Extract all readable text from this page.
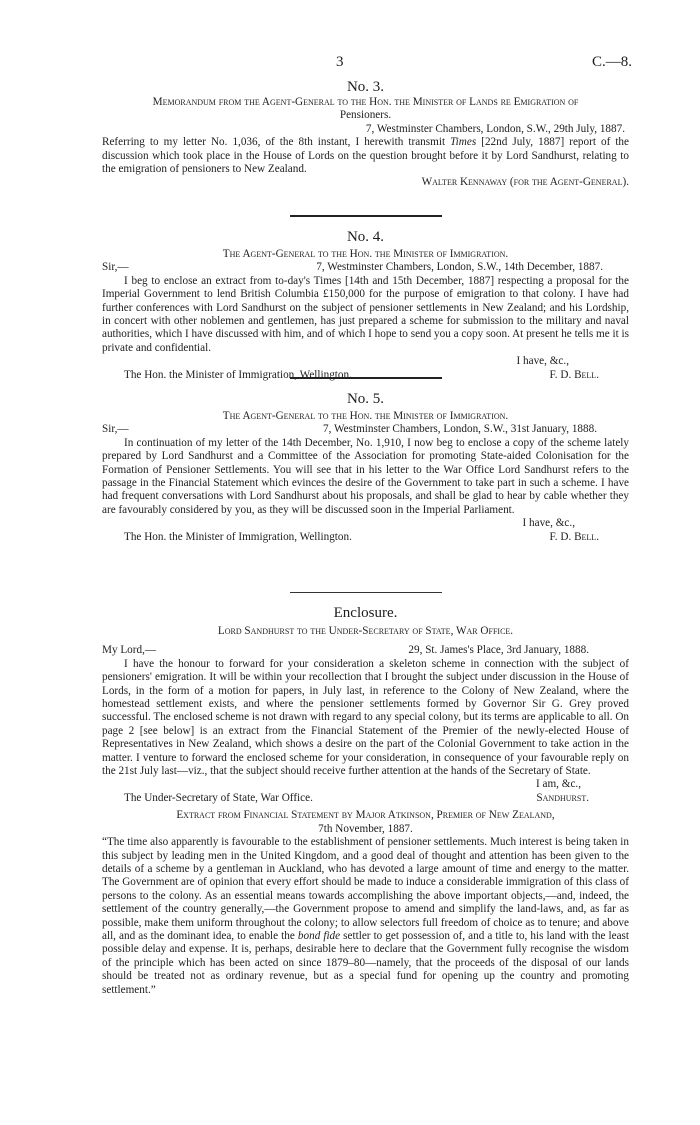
3	C.—8.
No. 3.
Memorandum from the Agent-General to the Hon. the Minister of Lands re Emigration of
Pensioners.
7, Westminster Chambers, London, S.W., 29th July, 1887.
Referring to my letter No. 1,036, of the 8th instant, I herewith transmit Times [22nd July, 1887] report of the discussion which took place in the House of Lords on the question brought before it by Lord Sandhurst, relating to the emigration of pensioners to New Zealand.
Walter Kennaway (for the Agent-General).
No. 4.
The Agent-General to the Hon. the Minister of Immigration.
Sir,—	7, Westminster Chambers, London, S.W., 14th December, 1887.
I beg to enclose an extract from to-day's Times [14th and 15th December, 1887] respecting a proposal for the Imperial Government to lend British Columbia £150,000 for the purpose of emigration to that colony. I have had further conferences with Lord Sandhurst on the subject of pensioner settlements in New Zealand; and his Lordship, in concert with other noblemen and gentlemen, has just prepared a scheme for submission to the military and naval authorities, which I have discussed with him, and of which I hope to send you a copy soon. At present he tells me it is private and confidential.
I have, &c.,
The Hon. the Minister of Immigration, Wellington.	F. D. Bell.
No. 5.
The Agent-General to the Hon. the Minister of Immigration.
Sir,—	7, Westminster Chambers, London, S.W., 31st January, 1888.
In continuation of my letter of the 14th December, No. 1,910, I now beg to enclose a copy of the scheme lately prepared by Lord Sandhurst and a Committee of the Association for promoting State-aided Colonisation for the Formation of Pensioner Settlements. You will see that in his letter to the War Office Lord Sandhurst refers to the passage in the Financial Statement which evinces the desire of the Government to take part in such a scheme. I have had frequent conversations with Lord Sandhurst about his proposals, and shall be glad to hear by cable whether they are favourably considered by you, as they will be discussed soon in the Imperial Parliament.
I have, &c.,
The Hon. the Minister of Immigration, Wellington.	F. D. Bell.
Enclosure.
Lord Sandhurst to the Under-Secretary of State, War Office.
My Lord,—	29, St. James's Place, 3rd January, 1888.
I have the honour to forward for your consideration a skeleton scheme in connection with the subject of pensioners' emigration. It will be within your recollection that I brought the subject under discussion in the House of Lords, in the form of a motion for papers, in July last, in reference to the Colony of New Zealand, where the homestead settlement exists, and where the pensioner settlements formed by Governor Sir G. Grey proved successful. The enclosed scheme is not drawn with regard to any special colony, but its terms are applicable to all. On page 2 [see below] is an extract from the Financial Statement of the Premier of the newly-elected House of Representatives in New Zealand, which shows a desire on the part of the Colonial Government to take action in the matter. I venture to forward the enclosed scheme for your consideration, in consequence of your favourable reply on the 21st July last—viz., that the subject should receive further attention at the hands of the Secretary of State.
I am, &c.,
The Under-Secretary of State, War Office.	Sandhurst.
Extract from Financial Statement by Major Atkinson, Premier of New Zealand,
7th November, 1887.
“The time also apparently is favourable to the establishment of pensioner settlements. Much interest is being taken in this subject by leading men in the United Kingdom, and a good deal of thought and attention has been given to the details of a scheme by a gentleman in Auckland, who has devoted a large amount of time and energy to the matter. The Government are of opinion that every effort should be made to induce a considerable immigration of this class of persons to the colony. As an essential means towards accomplishing the above important objects,—and, indeed, the settlement of the country generally,—the Government propose to amend and simplify the land-laws, and, as far as possible, make them uniform throughout the colony; to allow selectors full freedom of choice as to tenure; and above all, and as the dominant idea, to enable the bond fide settler to get possession of, and a title to, his land with the least possible delay and expense. It is, perhaps, desirable here to declare that the Government fully recognise the wisdom of the principle which has been acted on since 1879–80—namely, that the proceeds of the disposal of our lands should be treated not as ordinary revenue, but as a special fund for opening up the country and promoting settlement.”
